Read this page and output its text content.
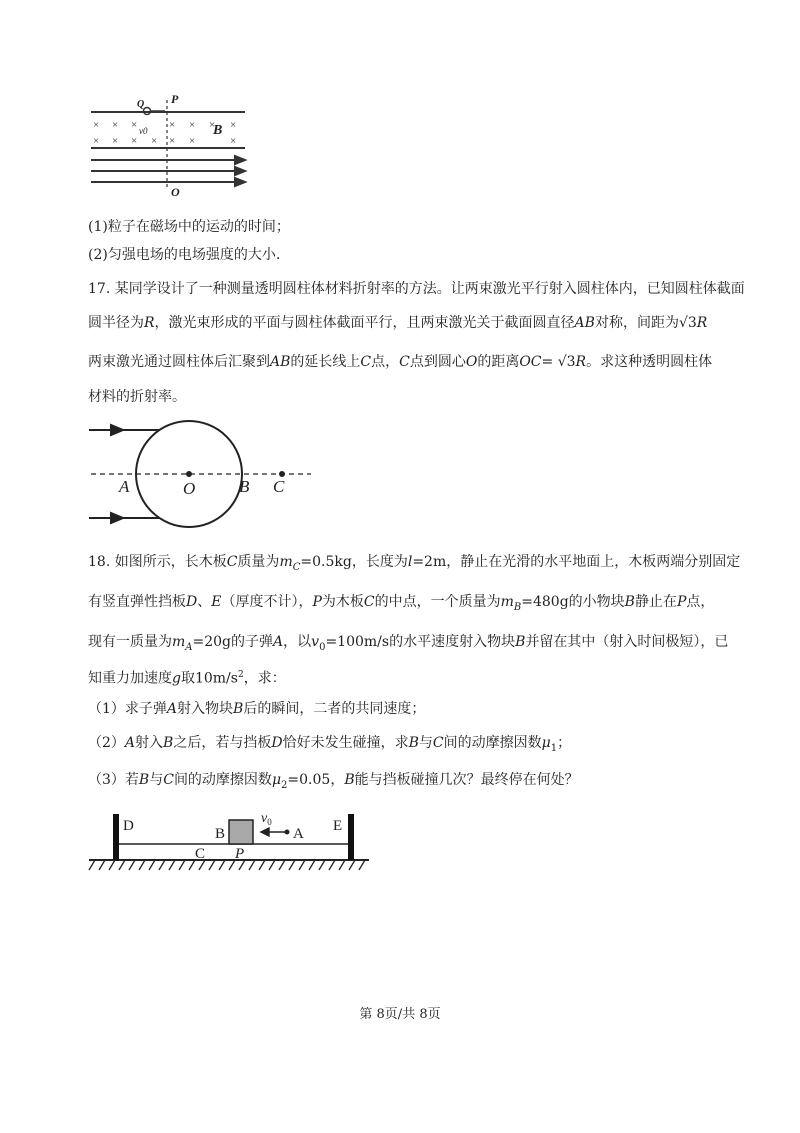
× × ×	× × × ×
× × × × × ×	×
P
Q
v0	B
O
(1)粒子在磁场中的运动的时间；
(2)匀强电场的电场强度的大小.
17. 某同学设计了一种测量透明圆柱体材料折射率的方法。让两束激光平行射入圆柱体内，已知圆柱体截面
圆半径为R，激光束形成的平面与圆柱体截面平行，且两束激光关于截面圆直径AB对称，间距为√3R
两束激光通过圆柱体后汇聚到AB的延长线上C点，C点到圆心O的距离OC= √3R。求这种透明圆柱体
材料的折射率。
A	O	B C
18. 如图所示，长木板C质量为$m_C=0.5kg$，长度为l=2m，静止在光滑的水平地面上，木板两端分别固定
有竖直弹性挡板D、E（厚度不计），P为木板C的中点，一个质量为$m_B=480g$的小物块B静止在P点，
现有一质量为$m_A=20g$的子弹A，以$v_0=100m/s$的水平速度射入物块B并留在其中（射入时间极短），已
知重力加速度g取$10m/s^2$，求：
（1）求子弹A射入物块B后的瞬间，二者的共同速度；
（2）A射入B之后，若与挡板D恰好未发生碰撞，求B与C间的动摩擦因数$\mu_1$；
（3）若B与C间的动摩擦因数$\mu_2=0.05$，B能与挡板碰撞几次？最终停在何处？
D	E
B	A
$v_0$
C P
第 8页/共 8页
